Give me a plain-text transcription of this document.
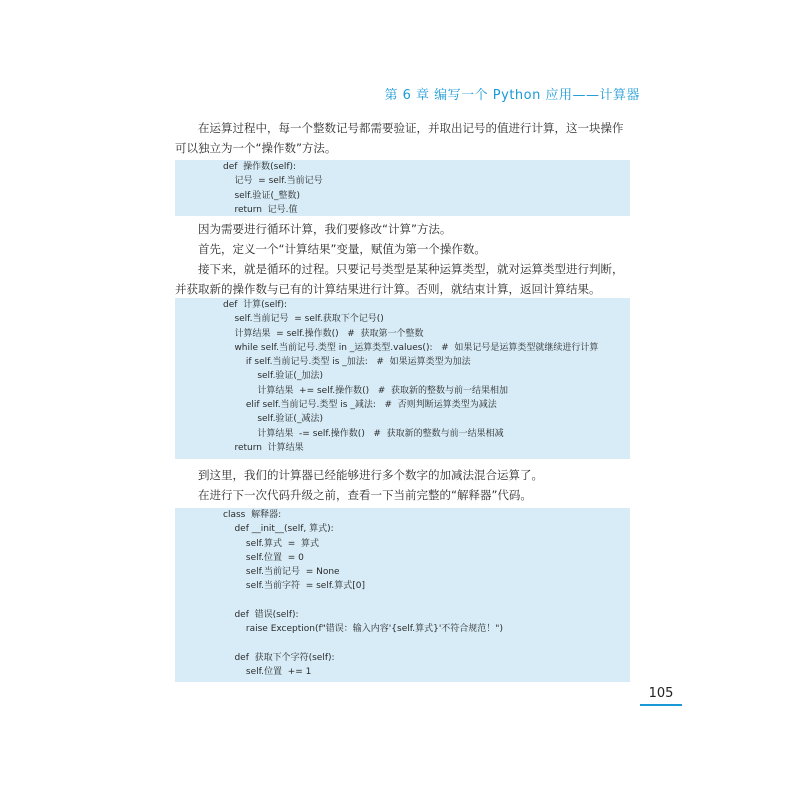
第 6 章 编写一个 Python 应用——计算器

在运算过程中，每一个整数记号都需要验证，并取出记号的值进行计算，这一块操作可以独立为一个“操作数”方法。

def  操作数(self):
记号  = self.当前记号
self.验证(_整数)
return  记号.值

因为需要进行循环计算，我们要修改“计算”方法。

首先，定义一个“计算结果”变量，赋值为第一个操作数。

接下来，就是循环的过程。只要记号类型是某种运算类型，就对运算类型进行判断，并获取新的操作数与已有的计算结果进行计算。否则，就结束计算，返回计算结果。

def  计算(self):
self.当前记号  = self.获取下个记号()
计算结果  = self.操作数()   #  获取第一个整数
while self.当前记号.类型 in _运算类型.values():   #  如果记号是运算类型就继续进行计算
if self.当前记号.类型 is _加法:   #  如果运算类型为加法
self.验证(_加法)
计算结果  += self.操作数()   #  获取新的整数与前一结果相加
elif self.当前记号.类型 is _减法:   #  否则判断运算类型为减法
self.验证(_减法)
计算结果  -= self.操作数()   #  获取新的整数与前一结果相减
return  计算结果

到这里，我们的计算器已经能够进行多个数字的加减法混合运算了。

在进行下一次代码升级之前，查看一下当前完整的“解释器”代码。

class  解释器:
def __init__(self, 算式):
self.算式  =  算式
self.位置  = 0
self.当前记号  = None
self.当前字符  = self.算式[0]
def  错误(self):
raise Exception(f"错误：输入内容'{self.算式}'不符合规范！")
def  获取下个字符(self):
self.位置  += 1
105
